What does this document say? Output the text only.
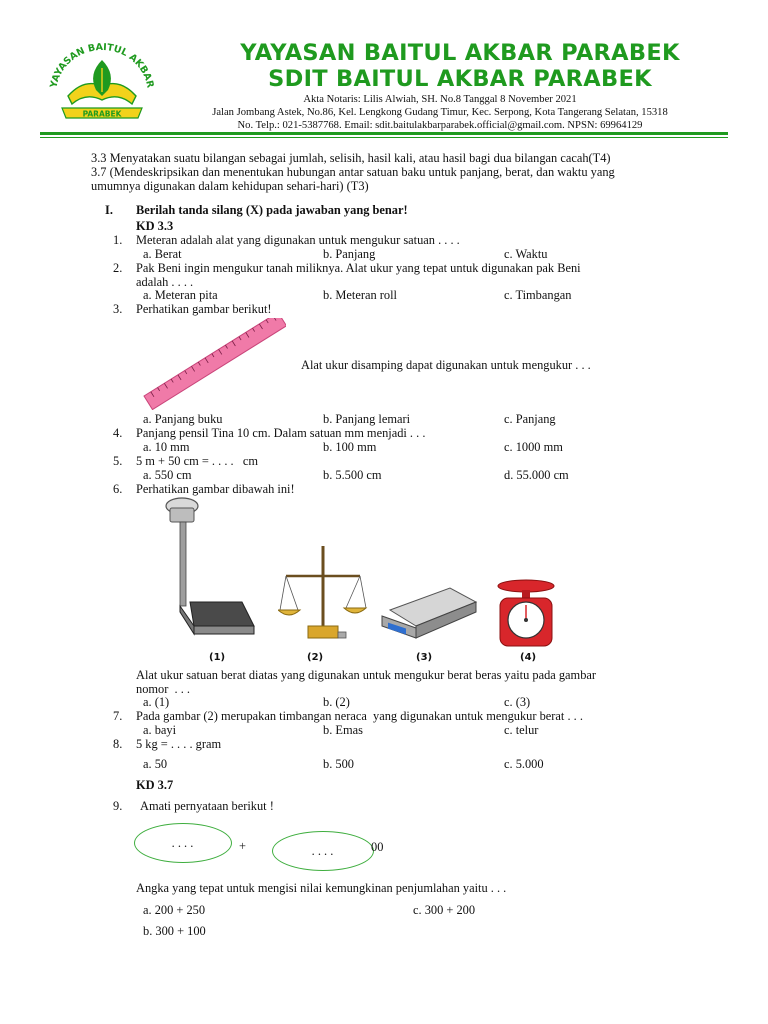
YAYASAN BAITUL AKBAR
PARABEK
YAYASAN BAITUL AKBAR PARABEK
SDIT BAITUL AKBAR PARABEK
Akta Notaris: Lilis Alwiah, SH. No.8 Tanggal 8 November 2021
Jalan Jombang Astek, No.86, Kel. Lengkong Gudang Timur, Kec. Serpong, Kota Tangerang Selatan, 15318
No. Telp.: 021-5387768. Email: sdit.baitulakbarparabek.official@gmail.com. NPSN: 69964129
3.3 Menyatakan suatu bilangan sebagai jumlah, selisih, hasil kali, atau hasil bagi dua bilangan cacah(T4)
3.7 (Mendeskripsikan dan menentukan hubungan antar satuan baku untuk panjang, berat, dan waktu yang
umumnya digunakan dalam kehidupan sehari-hari) (T3)
I. Berilah tanda silang (X) pada jawaban yang benar!
KD 3.3
1. Meteran adalah alat yang digunakan untuk mengukur satuan . . . .
a. Berat	b. Panjang	c. Waktu
2. Pak Beni ingin mengukur tanah miliknya. Alat ukur yang tepat untuk digunakan pak Beni
adalah . . . .
a. Meteran pita	b. Meteran roll	c. Timbangan
3. Perhatikan gambar berikut!
Alat ukur disamping dapat digunakan untuk mengukur . . .
a. Panjang buku	b. Panjang lemari	c. Panjang
4. Panjang pensil Tina 10 cm. Dalam satuan mm menjadi . . .
a. 10 mm	b. 100 mm	c. 1000 mm
5. 5 m + 50 cm = . . . .   cm
a. 550 cm	b. 5.500 cm	d. 55.000 cm
6. Perhatikan gambar dibawah ini!
(1)	(2)	(3)	(4)
Alat ukur satuan berat diatas yang digunakan untuk mengukur berat beras yaitu pada gambar
nomor  . . .
a. (1)	b. (2)	c. (3)
7. Pada gambar (2) merupakan timbangan neraca  yang digunakan untuk mengukur berat . . .
a. bayi	b. Emas	c. telur
8. 5 kg = . . . . gram
a. 50	b. 500	c. 5.000
KD 3.7
9. Amati pernyataan berikut !
. . . .	+	. . . .	00
Angka yang tepat untuk mengisi nilai kemungkinan penjumlahan yaitu . . .
a. 200 + 250	c. 300 + 200
b. 300 + 100
